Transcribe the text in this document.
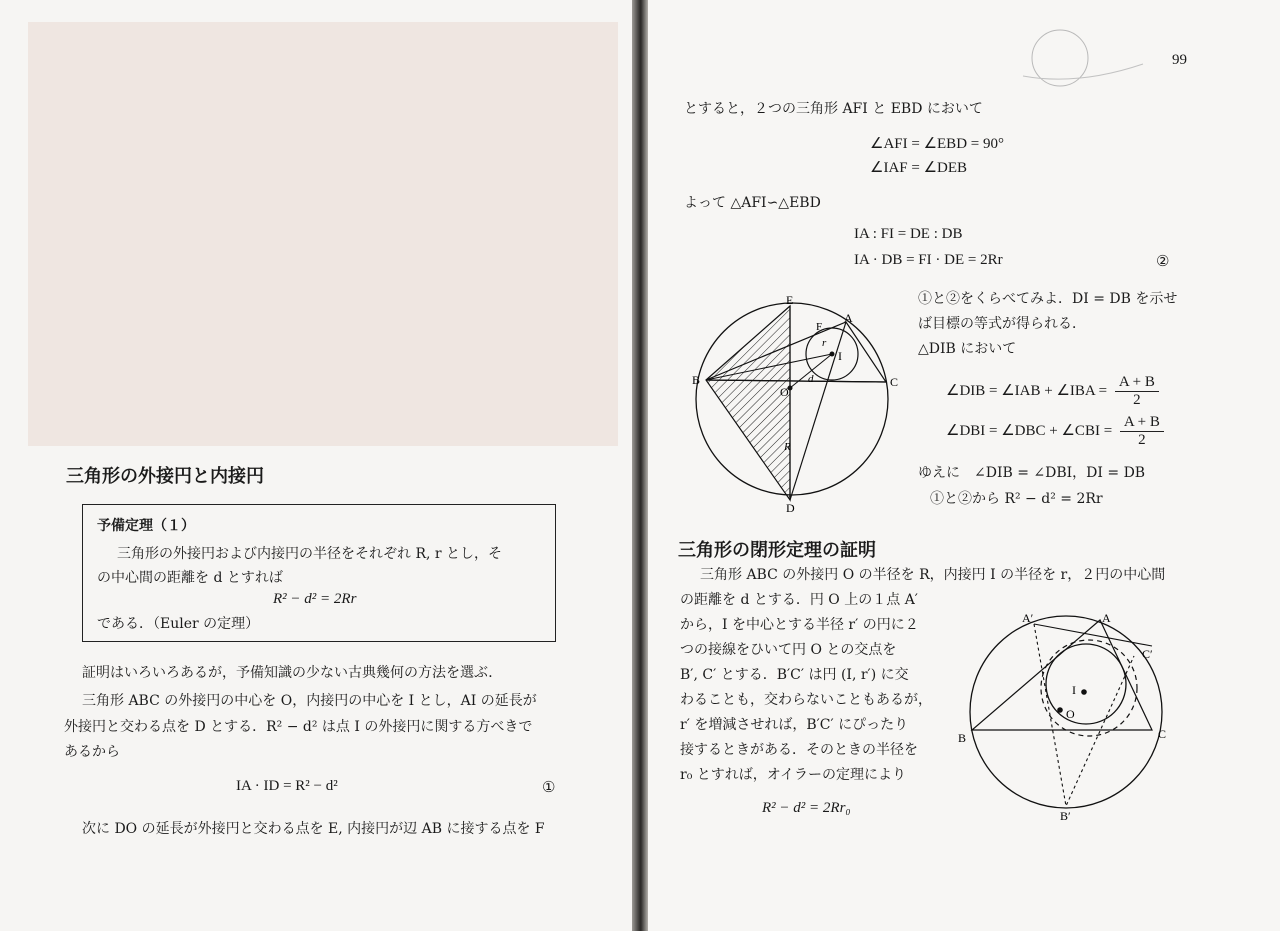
三角形の外接円と内接円
予備定理（１）
三角形の外接円および内接円の半径をそれぞれ R, r とし，そ
の中心間の距離を d とすれば
R² − d² = 2Rr
である．（Euler の定理）
証明はいろいろあるが，予備知識の少ない古典幾何の方法を選ぶ．
三角形 ABC の外接円の中心を O，内接円の中心を I とし，AI の延長が
外接円と交わる点を D とする．R² − d² は点 I の外接円に関する方べきで
あるから
IA · ID = R² − d²	①
次に DO の延長が外接円と交わる点を E, 内接円が辺 AB に接する点を F
99
とすると，２つの三角形 AFI と EBD において
∠AFI = ∠EBD = 90°
∠IAF = ∠DEB
よって △AFI∽△EBD
IA : FI = DE : DB
IA · DB = FI · DE = 2Rr	②
E
A
F
I
B	C
O
D
r
d
R
①と②をくらべてみよ．DI = DB を示せ
ば目標の等式が得られる．
△DIB において
∠DIB = ∠IAB + ∠IBA = $\frac{A + B}{2}$
∠DBI = ∠DBC + ∠CBI = $\frac{A + B}{2}$
ゆえに　∠DIB = ∠DBI，DI = DB
①と②から R² − d² = 2Rr
三角形の閉形定理の証明
三角形 ABC の外接円 O の半径を R，内接円 I の半径を r，２円の中心間
の距離を d とする．円 O 上の１点 A′
から，I を中心とする半径 r′ の円に２
つの接線をひいて円 O との交点を
B′, C′ とする．B′C′ は円 (I, r′) に交
わることも，交わらないこともあるが，
r′ を増減させれば，B′C′ にぴったり
接するときがある．そのときの半径を
r₀ とすれば，オイラーの定理により
R² − d² = 2Rr₀
A′	A
C′
I
O
B	C
B′
